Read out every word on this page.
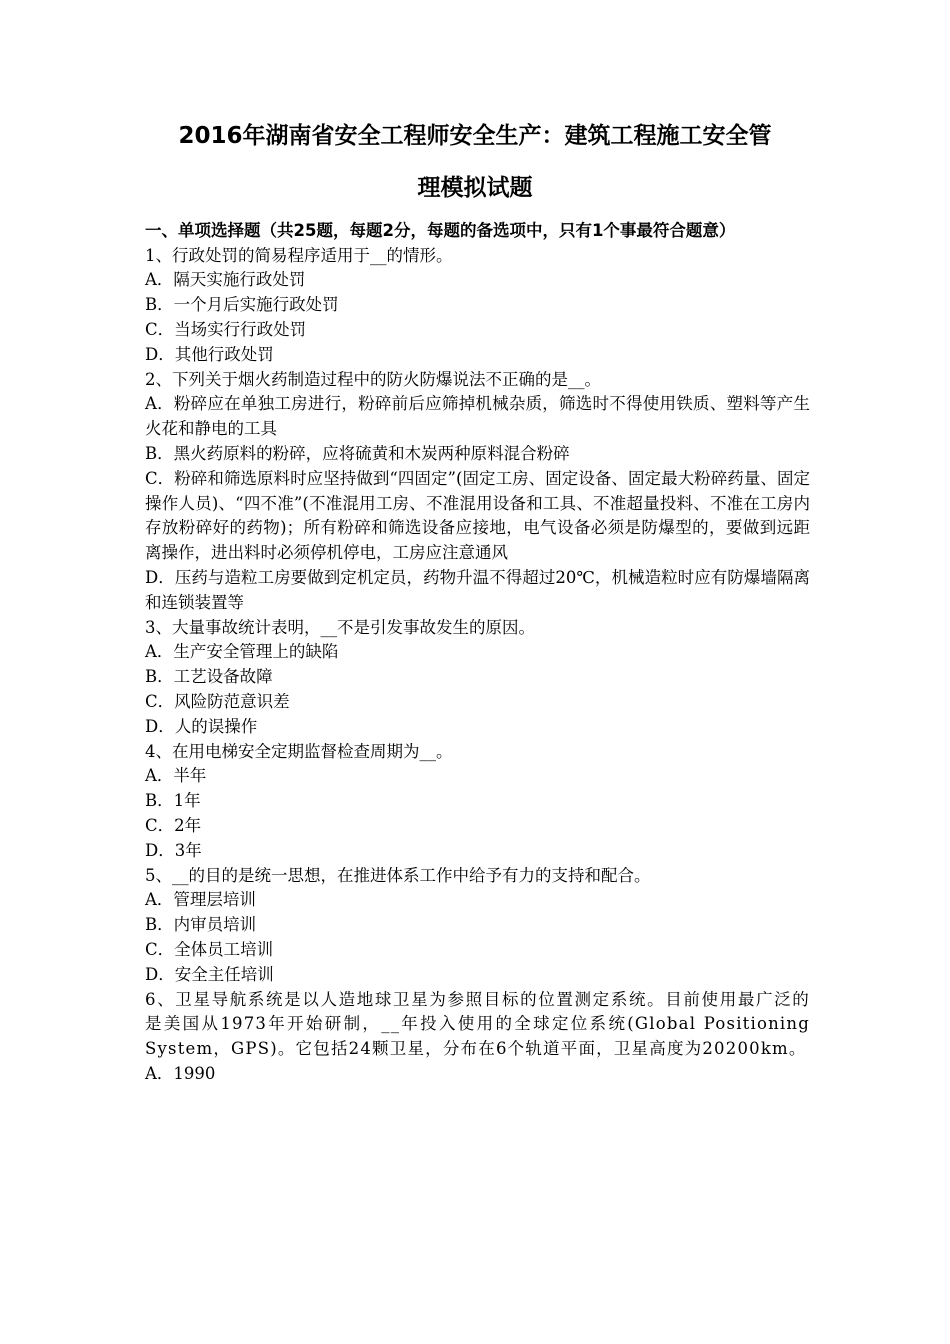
2016年湖南省安全工程师安全生产：建筑工程施工安全管
理模拟试题

一、单项选择题（共25题，每题2分，每题的备选项中，只有1个事最符合题意）

1、行政处罚的简易程序适用于__的情形。

A．隔天实施行政处罚

B．一个月后实施行政处罚

C．当场实行行政处罚

D．其他行政处罚

2、下列关于烟火药制造过程中的防火防爆说法不正确的是__。

A．粉碎应在单独工房进行，粉碎前后应筛掉机械杂质，筛选时不得使用铁质、塑料等产生火花和静电的工具

B．黑火药原料的粉碎，应将硫黄和木炭两种原料混合粉碎

C．粉碎和筛选原料时应坚持做到“四固定”(固定工房、固定设备、固定最大粉碎药量、固定操作人员)、“四不准”(不准混用工房、不准混用设备和工具、不准超量投料、不准在工房内存放粉碎好的药物)；所有粉碎和筛选设备应接地，电气设备必须是防爆型的，要做到远距离操作，进出料时必须停机停电，工房应注意通风

D．压药与造粒工房要做到定机定员，药物升温不得超过20℃，机械造粒时应有防爆墙隔离和连锁装置等

3、大量事故统计表明，__不是引发事故发生的原因。

A．生产安全管理上的缺陷

B．工艺设备故障

C．风险防范意识差

D．人的误操作

4、在用电梯安全定期监督检查周期为__。

A．半年

B．1年

C．2年

D．3年

5、__的目的是统一思想，在推进体系工作中给予有力的支持和配合。

A．管理层培训

B．内审员培训

C．全体员工培训

D．安全主任培训

6、卫星导航系统是以人造地球卫星为参照目标的位置测定系统。目前使用最广泛的是美国从1973年开始研制，__年投入使用的全球定位系统(Global Positioning System，GPS)。它包括24颗卫星，分布在6个轨道平面，卫星高度为20200km。

A．1990
